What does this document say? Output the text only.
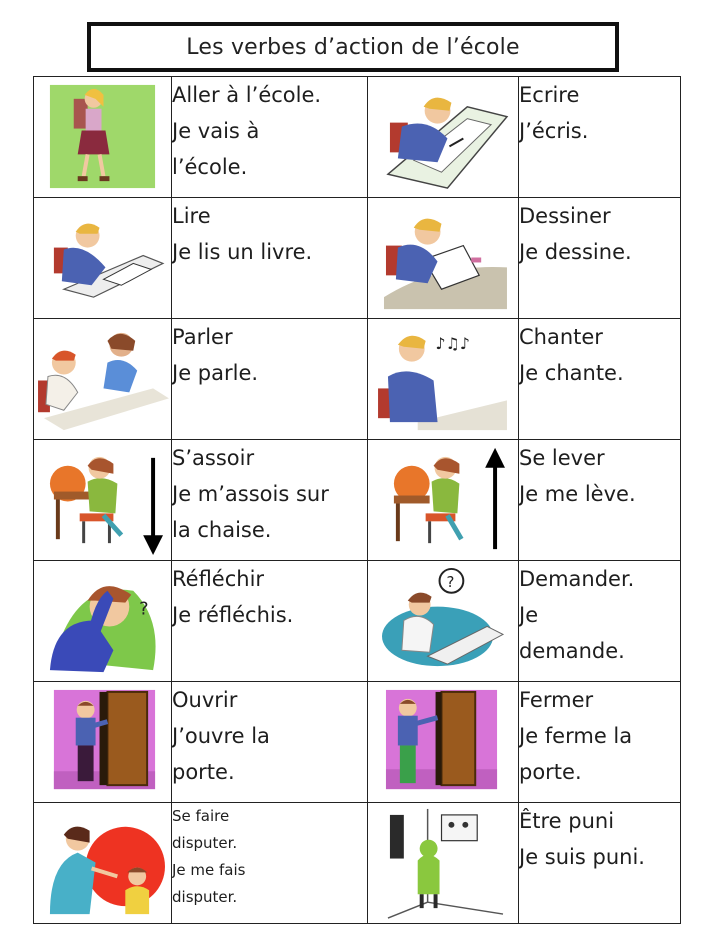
Les verbes d’action de l’école

Aller à l’école.
Je vais à
l’école.		Ecrire
J’écris.

Lire
Je lis un livre.		Dessiner
Je dessine.

Parler
Je parle.	♪♫♪	Chanter
Je chante.

S’assoir
Je m’assois sur
la chaise.		Se lever
Je me lève.

?	Réfléchir
Je réfléchis.	?	Demander.
Je
demande.

Ouvrir
J’ouvre la
porte.		Fermer
Je ferme la
porte.

Se faire
disputer.
Je me fais
disputer.		Être puni
Je suis puni.
